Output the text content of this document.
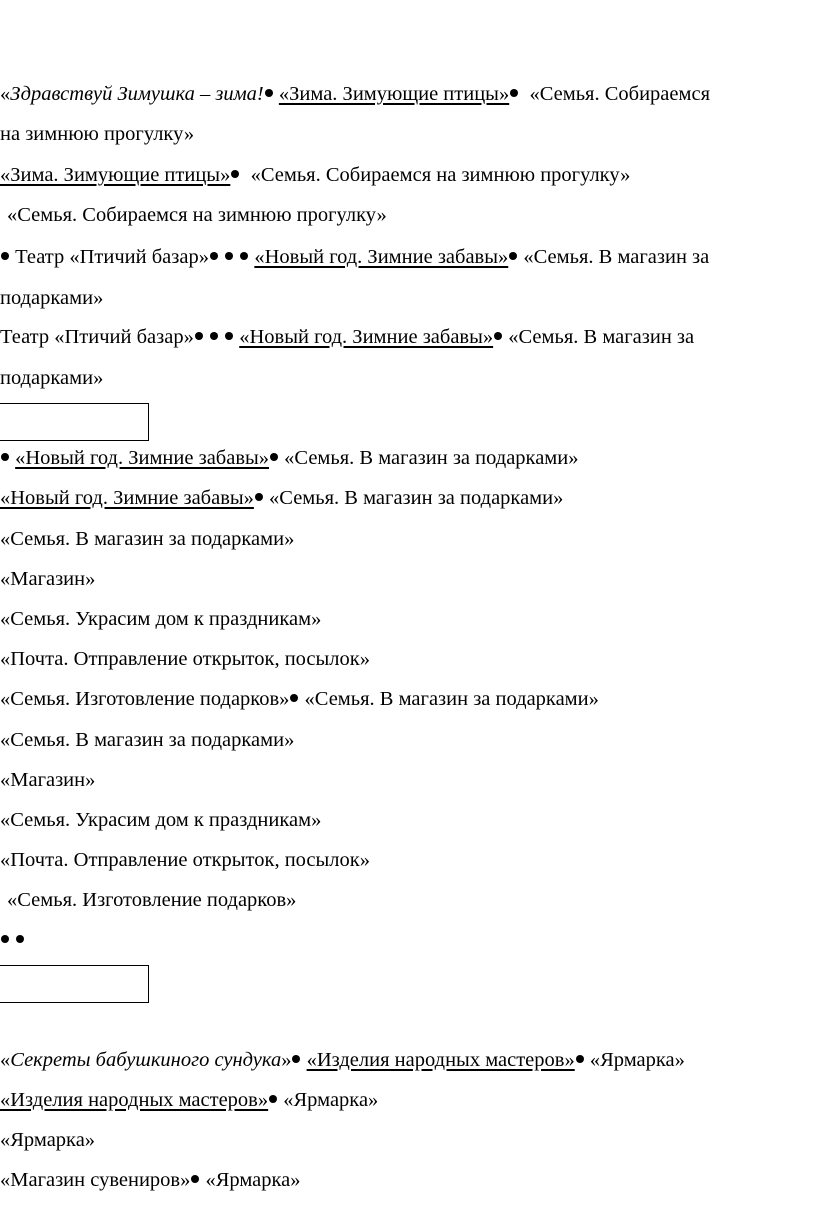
«Здравствуй Зимушка – зима! «Зима. Зимующие птицы» «Семья. Собираемся
на зимнюю прогулку»
«Зима. Зимующие птицы» «Семья. Собираемся на зимнюю прогулку»
«Семья. Собираемся на зимнюю прогулку»
Театр «Птичий базар» «Новый год. Зимние забавы» «Семья. В магазин за
подарками»
Театр «Птичий базар» «Новый год. Зимние забавы» «Семья. В магазин за
подарками»
«Новый год. Зимние забавы» «Семья. В магазин за подарками»
«Новый год. Зимние забавы» «Семья. В магазин за подарками»
«Семья. В магазин за подарками»
«Магазин»
«Семья. Украсим дом к праздникам»
«Почта. Отправление открыток, посылок»
«Семья. Изготовление подарков» «Семья. В магазин за подарками»
«Семья. В магазин за подарками»
«Магазин»
«Семья. Украсим дом к праздникам»
«Почта. Отправление открыток, посылок»
«Семья. Изготовление подарков»

«Секреты бабушкиного сундука» «Изделия народных мастеров» «Ярмарка»
«Изделия народных мастеров» «Ярмарка»
«Ярмарка»
«Магазин сувениров» «Ярмарка»
